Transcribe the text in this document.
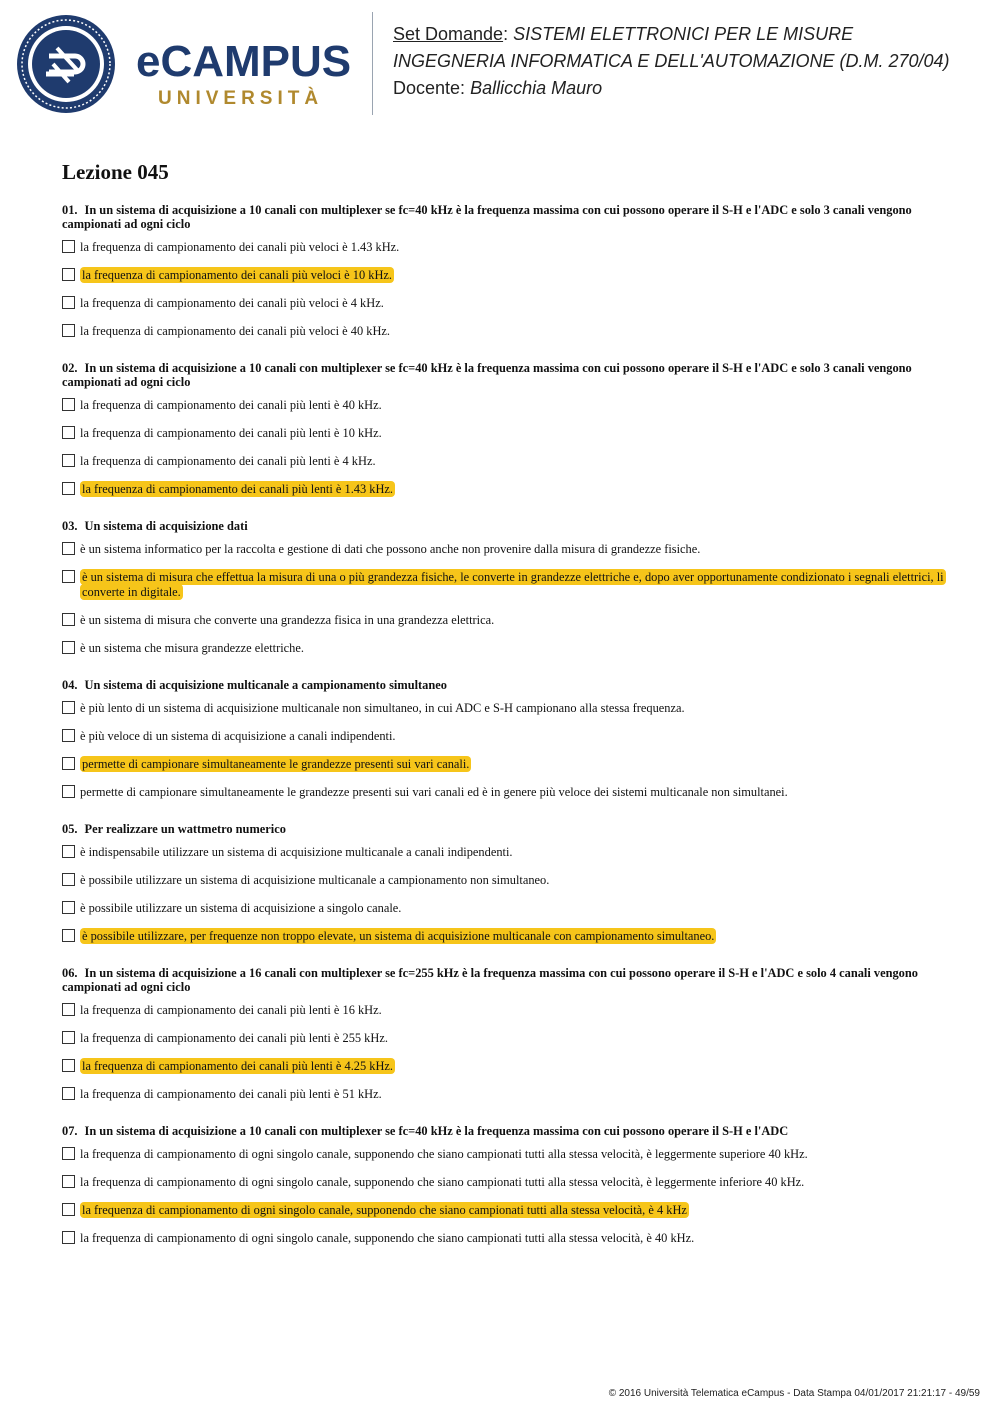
eCAMPUS
UNIVERSITÀ
Set Domande: SISTEMI ELETTRONICI PER LE MISURE
INGEGNERIA INFORMATICA E DELL'AUTOMAZIONE (D.M. 270/04)
Docente: Ballicchia Mauro
Lezione 045

01. In un sistema di acquisizione a 10 canali con multiplexer se fc=40 kHz è la frequenza massima con cui possono operare il S-H e l'ADC e solo 3 canali vengono campionati ad ogni ciclo

la frequenza di campionamento dei canali più veloci è 1.43 kHz.
la frequenza di campionamento dei canali più veloci è 10 kHz.
la frequenza di campionamento dei canali più veloci è 4 kHz.
la frequenza di campionamento dei canali più veloci è 40 kHz.

02. In un sistema di acquisizione a 10 canali con multiplexer se fc=40 kHz è la frequenza massima con cui possono operare il S-H e l'ADC e solo 3 canali vengono campionati ad ogni ciclo

la frequenza di campionamento dei canali più lenti è 40 kHz.
la frequenza di campionamento dei canali più lenti è 10 kHz.
la frequenza di campionamento dei canali più lenti è 4 kHz.
la frequenza di campionamento dei canali più lenti è 1.43 kHz.

03. Un sistema di acquisizione dati

è un sistema informatico per la raccolta e gestione di dati che possono anche non provenire dalla misura di grandezze fisiche.
è un sistema di misura che effettua la misura di una o più grandezza fisiche, le converte in grandezze elettriche e, dopo aver opportunamente condizionato i segnali elettrici, li converte in digitale.
è un sistema di misura che converte una grandezza fisica in una grandezza elettrica.
è un sistema che misura grandezze elettriche.

04. Un sistema di acquisizione multicanale a campionamento simultaneo

è più lento di un sistema di acquisizione multicanale non simultaneo, in cui ADC e S-H campionano alla stessa frequenza.
è più veloce di un sistema di acquisizione a canali indipendenti.
permette di campionare simultaneamente le grandezze presenti sui vari canali.
permette di campionare simultaneamente le grandezze presenti sui vari canali ed è in genere più veloce dei sistemi multicanale non simultanei.

05. Per realizzare un wattmetro numerico

è indispensabile utilizzare un sistema di acquisizione multicanale a canali indipendenti.
è possibile utilizzare un sistema di acquisizione multicanale a campionamento non simultaneo.
è possibile utilizzare un sistema di acquisizione a singolo canale.
è possibile utilizzare, per frequenze non troppo elevate, un sistema di acquisizione multicanale con campionamento simultaneo.

06. In un sistema di acquisizione a 16 canali con multiplexer se fc=255 kHz è la frequenza massima con cui possono operare il S-H e l'ADC e solo 4 canali vengono campionati ad ogni ciclo

la frequenza di campionamento dei canali più lenti è 16 kHz.
la frequenza di campionamento dei canali più lenti è 255 kHz.
la frequenza di campionamento dei canali più lenti è 4.25 kHz.
la frequenza di campionamento dei canali più lenti è 51 kHz.

07. In un sistema di acquisizione a 10 canali con multiplexer se fc=40 kHz è la frequenza massima con cui possono operare il S-H e l'ADC

la frequenza di campionamento di ogni singolo canale, supponendo che siano campionati tutti alla stessa velocità, è leggermente superiore 40 kHz.
la frequenza di campionamento di ogni singolo canale, supponendo che siano campionati tutti alla stessa velocità, è leggermente inferiore 40 kHz.
la frequenza di campionamento di ogni singolo canale, supponendo che siano campionati tutti alla stessa velocità, è 4 kHz
la frequenza di campionamento di ogni singolo canale, supponendo che siano campionati tutti alla stessa velocità, è 40 kHz.
© 2016 Università Telematica eCampus - Data Stampa 04/01/2017 21:21:17 - 49/59
